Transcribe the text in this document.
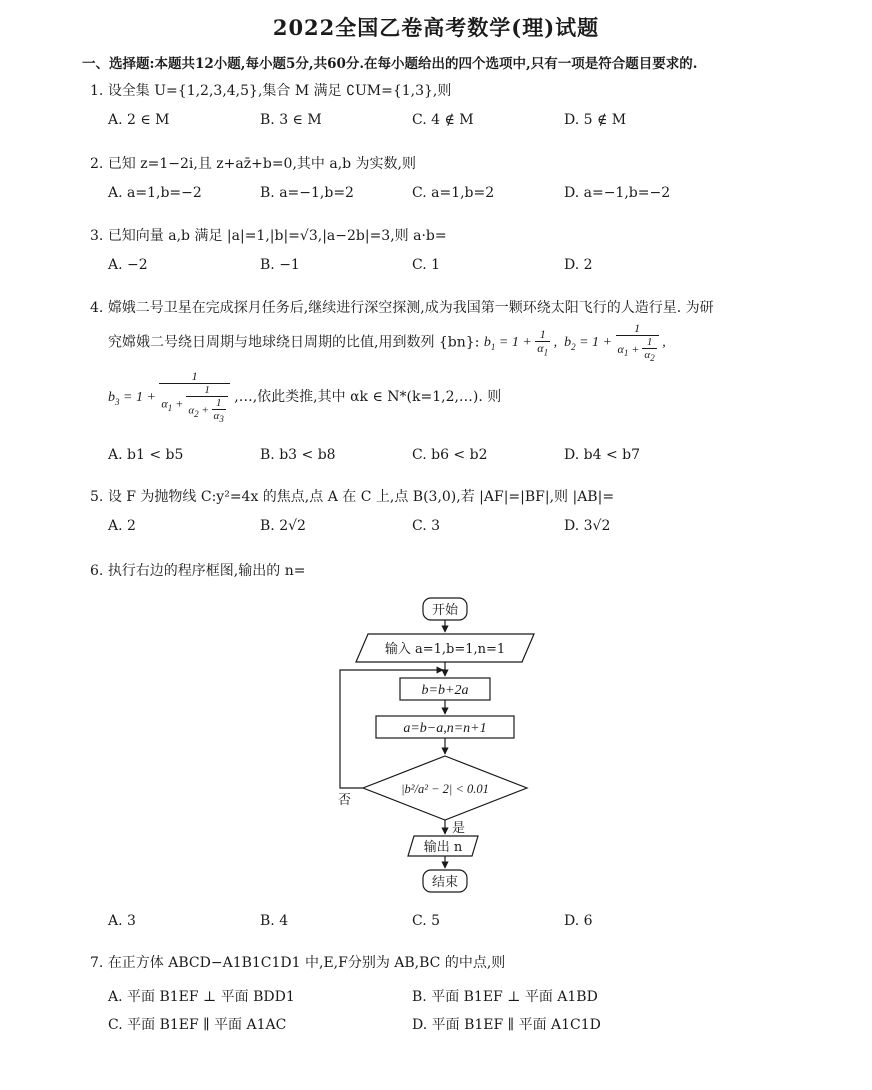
2022全国乙卷高考数学(理)试题
一、选择题:本题共12小题,每小题5分,共60分.在每小题给出的四个选项中,只有一项是符合题目要求的.
1. 设全集 U={1,2,3,4,5},集合 M 满足 ∁UM={1,3},则
A. 2 ∈ M	B. 3 ∈ M	C. 4 ∉ M	D. 5 ∉ M
2. 已知 z=1−2i,且 z+az̄+b=0,其中 a,b 为实数,则
A. a=1,b=−2	B. a=−1,b=2	C. a=1,b=2	D. a=−1,b=−2
3. 已知向量 a,b 满足 |a|=1,|b|=√3,|a−2b|=3,则 a·b=
A. −2	B. −1	C. 1	D. 2
4. 嫦娥二号卫星在完成探月任务后,继续进行深空探测,成为我国第一颗环绕太阳飞行的人造行星. 为研
究嫦娥二号绕日周期与地球绕日周期的比值,用到数列 {bn}: $b_1 = 1 + \frac{1}{\alpha_1}$ ,  $b_2 = 1 + \frac{1}{\alpha_1 + \frac{1}{\alpha_2}}$ ,
$b_3 = 1 + \frac{1}{\alpha_1 + \frac{1}{\alpha_2 + \frac{1}{\alpha_3}}}$ ,…,依此类推,其中 αk ∈ N*(k=1,2,…). 则
A. b1 < b5	B. b3 < b8	C. b6 < b2	D. b4 < b7
5. 设 F 为抛物线 C:y²=4x 的焦点,点 A 在 C 上,点 B(3,0),若 |AF|=|BF|,则 |AB|=
A. 2	B. 2√2	C. 3	D. 3√2
6. 执行右边的程序框图,输出的 n=
开始
输入 a=1,b=1,n=1
b=b+2a
a=b−a,n=n+1
|b²/a² − 2| < 0.01
否
是
输出 n
结束
A. 3	B. 4	C. 5	D. 6
7. 在正方体 ABCD−A1B1C1D1 中,E,F分别为 AB,BC 的中点,则
A. 平面 B1EF ⊥ 平面 BDD1	B. 平面 B1EF ⊥ 平面 A1BD
C. 平面 B1EF ∥ 平面 A1AC	D. 平面 B1EF ∥ 平面 A1C1D
